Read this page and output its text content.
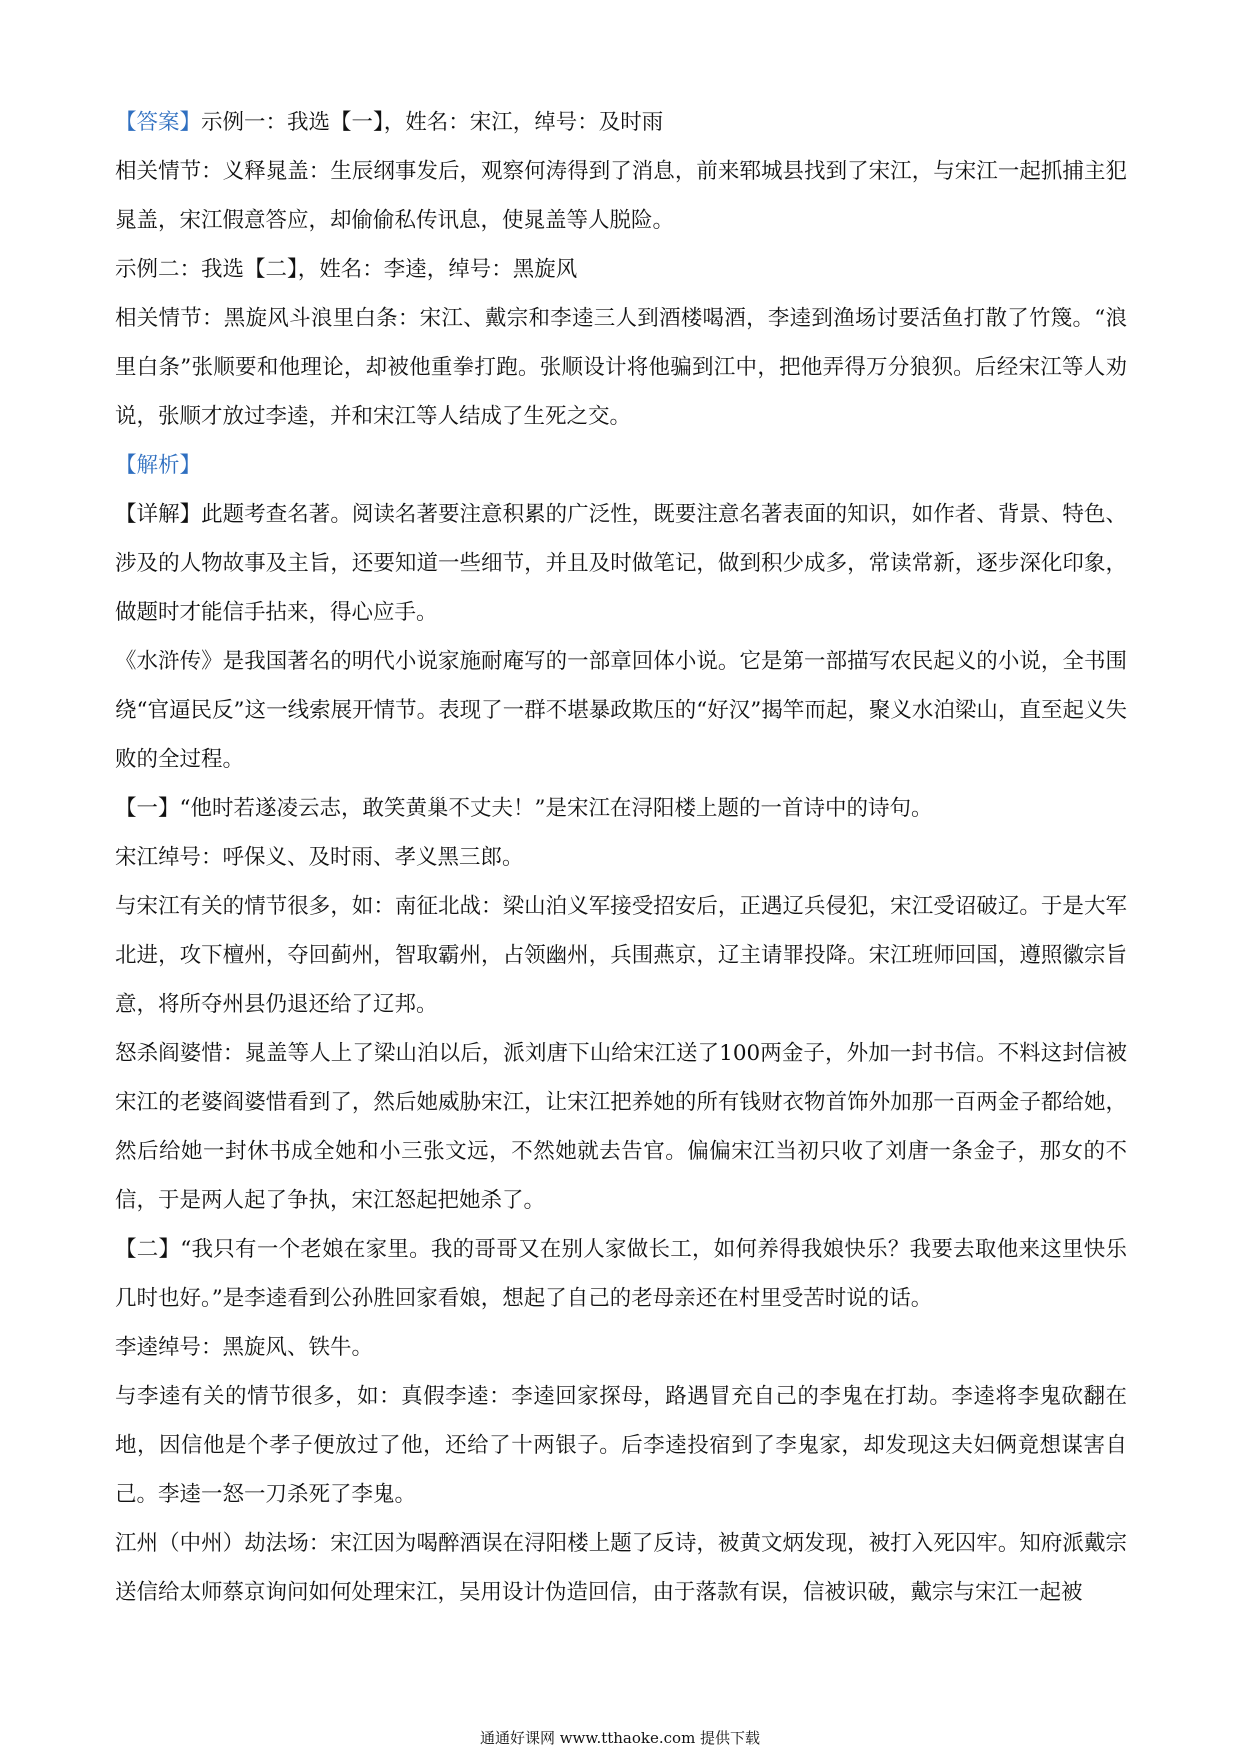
【答案】示例一：我选【一】，姓名：宋江，绰号：及时雨

相关情节：义释晁盖：生辰纲事发后，观察何涛得到了消息，前来郓城县找到了宋江，与宋江一起抓捕主犯晁盖，宋江假意答应，却偷偷私传讯息，使晁盖等人脱险。

示例二：我选【二】，姓名：李逵，绰号：黑旋风

相关情节：黑旋风斗浪里白条：宋江、戴宗和李逵三人到酒楼喝酒，李逵到渔场讨要活鱼打散了竹篾。“浪里白条”张顺要和他理论，却被他重拳打跑。张顺设计将他骗到江中，把他弄得万分狼狈。后经宋江等人劝说，张顺才放过李逵，并和宋江等人结成了生死之交。

【解析】

【详解】此题考查名著。阅读名著要注意积累的广泛性，既要注意名著表面的知识，如作者、背景、特色、涉及的人物故事及主旨，还要知道一些细节，并且及时做笔记，做到积少成多，常读常新，逐步深化印象，做题时才能信手拈来，得心应手。

《水浒传》是我国著名的明代小说家施耐庵写的一部章回体小说。它是第一部描写农民起义的小说，全书围绕“官逼民反”这一线索展开情节。表现了一群不堪暴政欺压的“好汉”揭竿而起，聚义水泊梁山，直至起义失败的全过程。

【一】“他时若遂凌云志，敢笑黄巢不丈夫！”是宋江在浔阳楼上题的一首诗中的诗句。

宋江绰号：呼保义、及时雨、孝义黑三郎。

与宋江有关的情节很多，如：南征北战：梁山泊义军接受招安后，正遇辽兵侵犯，宋江受诏破辽。于是大军北进，攻下檀州，夺回蓟州，智取霸州，占领幽州，兵围燕京，辽主请罪投降。宋江班师回国，遵照徽宗旨意，将所夺州县仍退还给了辽邦。

怒杀阎婆惜：晁盖等人上了梁山泊以后，派刘唐下山给宋江送了100两金子，外加一封书信。不料这封信被宋江的老婆阎婆惜看到了，然后她威胁宋江，让宋江把养她的所有钱财衣物首饰外加那一百两金子都给她，然后给她一封休书成全她和小三张文远，不然她就去告官。偏偏宋江当初只收了刘唐一条金子，那女的不信，于是两人起了争执，宋江怒起把她杀了。

【二】“我只有一个老娘在家里。我的哥哥又在别人家做长工，如何养得我娘快乐？我要去取他来这里快乐几时也好。”是李逵看到公孙胜回家看娘，想起了自己的老母亲还在村里受苦时说的话。

李逵绰号：黑旋风、铁牛。

与李逵有关的情节很多，如：真假李逵：李逵回家探母，路遇冒充自己的李鬼在打劫。李逵将李鬼砍翻在地，因信他是个孝子便放过了他，还给了十两银子。后李逵投宿到了李鬼家，却发现这夫妇俩竟想谋害自己。李逵一怒一刀杀死了李鬼。

江州（中州）劫法场：宋江因为喝醉酒误在浔阳楼上题了反诗，被黄文炳发现，被打入死囚牢。知府派戴宗送信给太师蔡京询问如何处理宋江，吴用设计伪造回信，由于落款有误，信被识破，戴宗与宋江一起被

通通好课网 www.tthaoke.com 提供下载
